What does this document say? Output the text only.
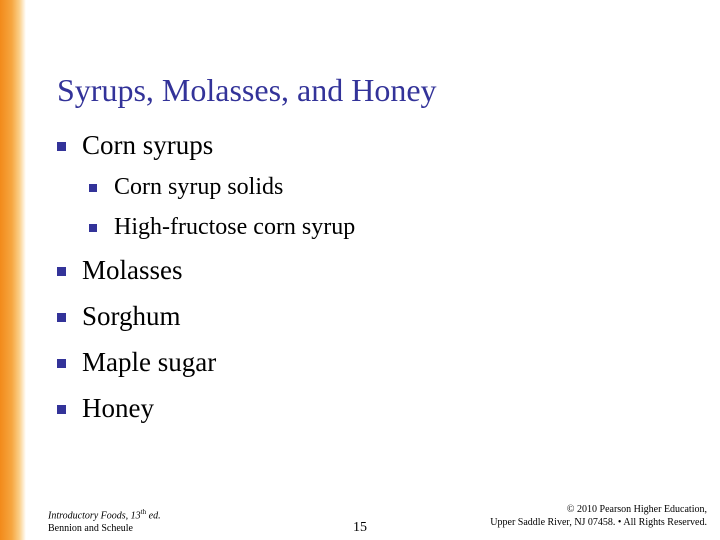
Syrups, Molasses, and Honey
Corn syrups
Corn syrup solids
High-fructose corn syrup
Molasses
Sorghum
Maple sugar
Honey
Introductory Foods, 13th ed.
Bennion and Scheule	15
© 2010 Pearson Higher Education,
Upper Saddle River, NJ 07458. • All Rights Reserved.
